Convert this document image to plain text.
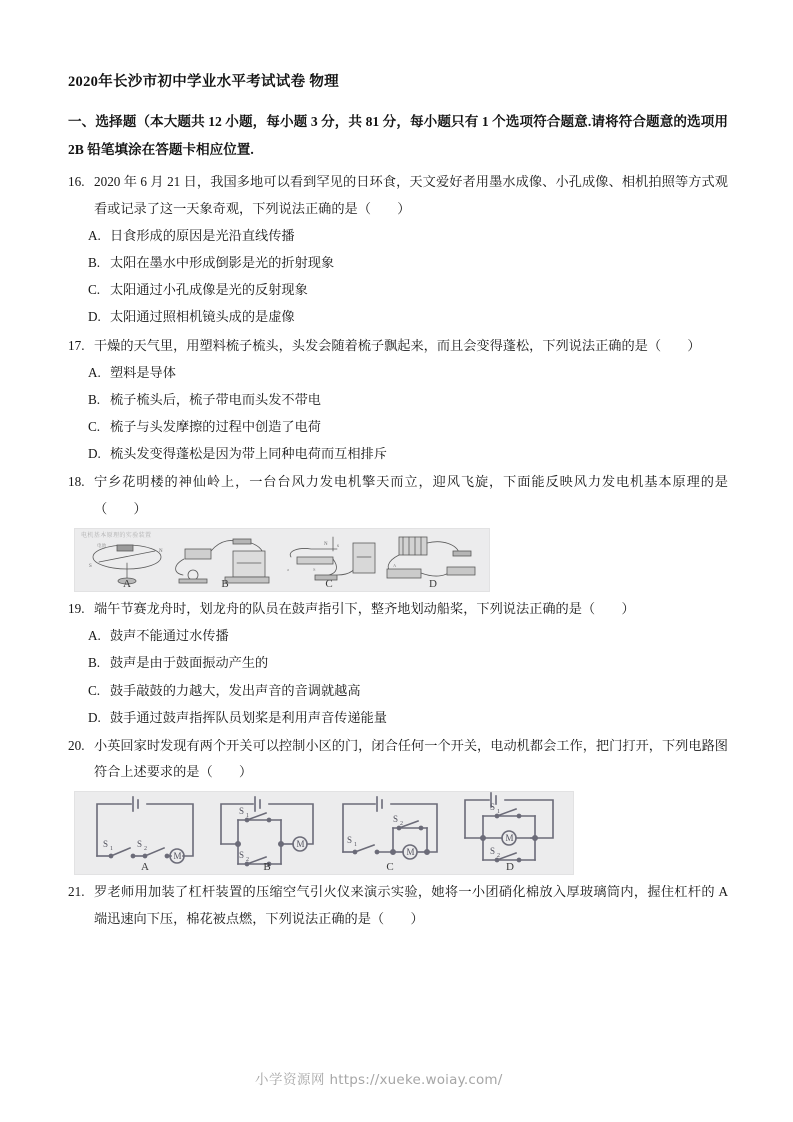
2020年长沙市初中学业水平考试试卷 物理

一、选择题（本大题共 12 小题，每小题 3 分，共 81 分，每小题只有 1 个选项符合题意.请将符合题意的选项用 2B 铅笔填涂在答题卡相应位置.

16. 2020 年 6 月 21 日，我国多地可以看到罕见的日环食，天文爱好者用墨水成像、小孔成像、相机拍照等方式观看或记录了这一天象奇观，下列说法正确的是（　　）
A. 日食形成的原因是光沿直线传播
B. 太阳在墨水中形成倒影是光的折射现象
C. 太阳通过小孔成像是光的反射现象
D. 太阳通过照相机镜头成的是虚像
17. 干燥的天气里，用塑料梳子梳头，头发会随着梳子飘起来，而且会变得蓬松，下列说法正确的是（　　）
A. 塑料是导体
B. 梳子梳头后，梳子带电而头发不带电
C. 梳子与头发摩擦的过程中创造了电荷
D. 梳头发变得蓬松是因为带上同种电荷而互相排斥
18. 宁乡花明楼的神仙岭上，一台台风力发电机擎天而立，迎风飞旋，下面能反映风力发电机基本原理的是（　　）
电机基本原理的实验装置
S
N
电池	N s
a	S
A
A	B	C	D
19. 端午节赛龙舟时，划龙舟的队员在鼓声指引下，整齐地划动船桨，下列说法正确的是（　　）
A. 鼓声不能通过水传播
B. 鼓声是由于鼓面振动产生的
C. 鼓手敲鼓的力越大，发出声音的音调就越高
D. 鼓手通过鼓声指挥队员划桨是利用声音传递能量
20. 小英回家时发现有两个开关可以控制小区的门，闭合任何一个开关，电动机都会工作，把门打开，下列电路图符合上述要求的是（　　）
M
S 1	S 2	M
S 1
S 2
M
S 1
S 2
M
S 1
S 2
A	B	C	D
21. 罗老师用加装了杠杆装置的压缩空气引火仪来演示实验，她将一小团硝化棉放入厚玻璃筒内，握住杠杆的 A 端迅速向下压，棉花被点燃，下列说法正确的是（　　）
小学资源网 https://xueke.woiay.com/
